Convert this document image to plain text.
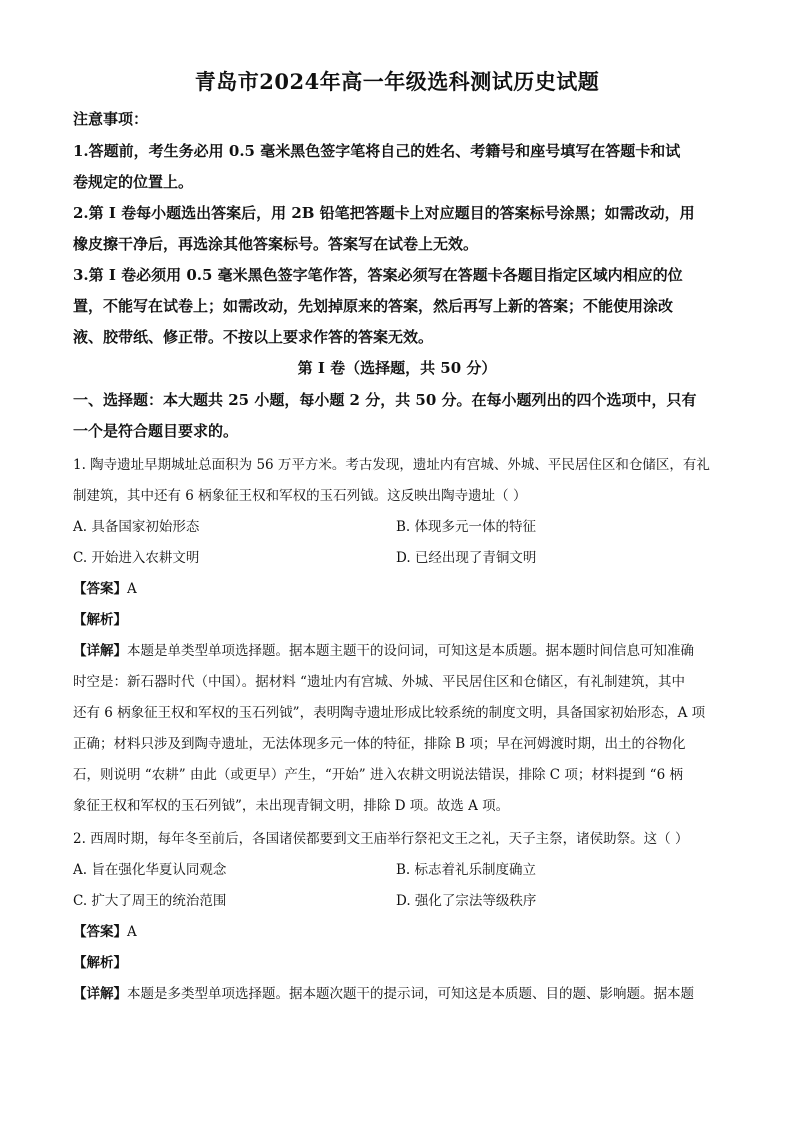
青岛市2024年高一年级选科测试历史试题
注意事项：
1.答题前，考生务必用 0.5 毫米黑色签字笔将自己的姓名、考籍号和座号填写在答题卡和试
卷规定的位置上。
2.第 I 卷每小题选出答案后，用 2B 铅笔把答题卡上对应题目的答案标号涂黑；如需改动，用
橡皮擦干净后，再选涂其他答案标号。答案写在试卷上无效。
3.第 I 卷必须用 0.5 毫米黑色签字笔作答，答案必须写在答题卡各题目指定区域内相应的位
置，不能写在试卷上；如需改动，先划掉原来的答案，然后再写上新的答案；不能使用涂改
液、胶带纸、修正带。不按以上要求作答的答案无效。
第 I 卷（选择题，共 50 分）
一、选择题：本大题共 25 小题，每小题 2 分，共 50 分。在每小题列出的四个选项中，只有
一个是符合题目要求的。
1. 陶寺遗址早期城址总面积为 56 万平方米。考古发现，遗址内有宫城、外城、平民居住区和仓储区，有礼
制建筑，其中还有 6 柄象征王权和军权的玉石列钺。这反映出陶寺遗址（ ）
A. 具备国家初始形态	B. 体现多元一体的特征
C. 开始进入农耕文明	D. 已经出现了青铜文明
【答案】A
【解析】
【详解】本题是单类型单项选择题。据本题主题干的设问词，可知这是本质题。据本题时间信息可知准确
时空是：新石器时代（中国）。据材料 “遗址内有宫城、外城、平民居住区和仓储区，有礼制建筑，其中
还有 6 柄象征王权和军权的玉石列钺”，表明陶寺遗址形成比较系统的制度文明，具备国家初始形态，A 项
正确；材料只涉及到陶寺遗址，无法体现多元一体的特征，排除 B 项；早在河姆渡时期，出土的谷物化
石，则说明 “农耕” 由此（或更早）产生，“开始” 进入农耕文明说法错误，排除 C 项；材料提到 “6 柄
象征王权和军权的玉石列钺”，未出现青铜文明，排除 D 项。故选 A 项。
2. 西周时期，每年冬至前后，各国诸侯都要到文王庙举行祭祀文王之礼，天子主祭，诸侯助祭。这（ ）
A. 旨在强化华夏认同观念	B. 标志着礼乐制度确立
C. 扩大了周王的统治范围	D. 强化了宗法等级秩序
【答案】A
【解析】
【详解】本题是多类型单项选择题。据本题次题干的提示词，可知这是本质题、目的题、影响题。据本题
